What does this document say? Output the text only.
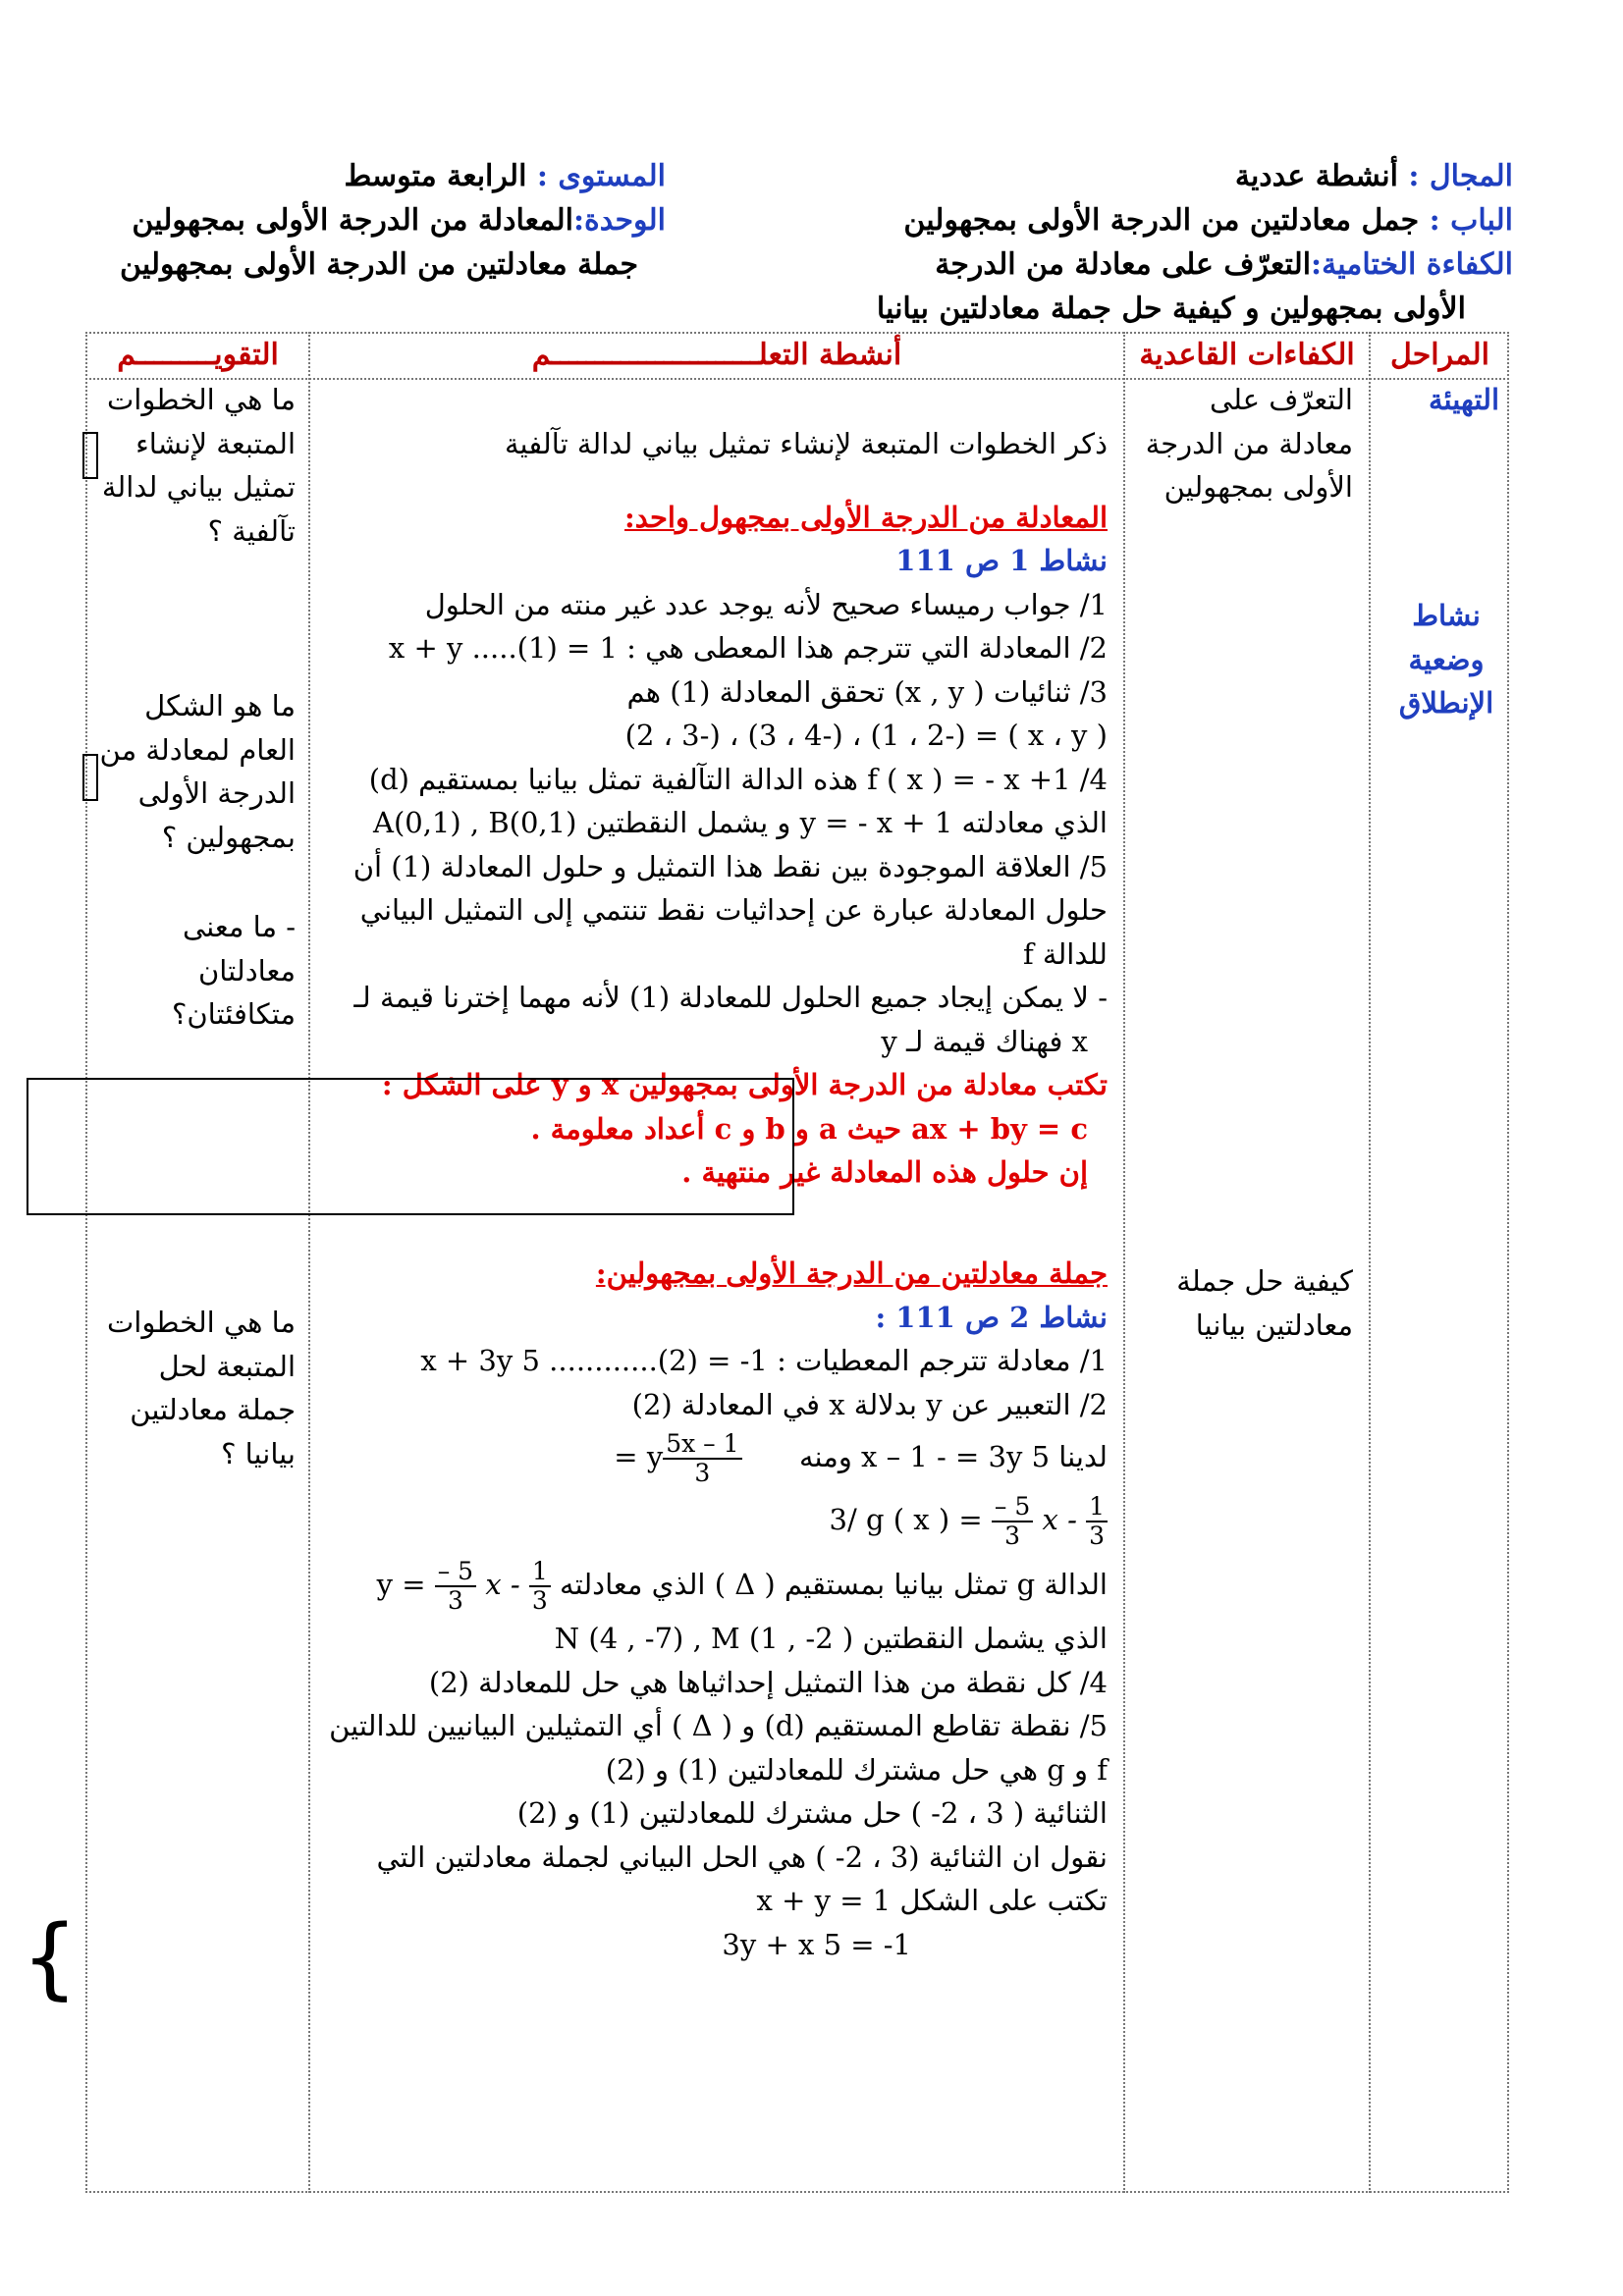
المجال : أنشطة عددية
الباب : جمل معادلتين من الدرجة الأولى بمجهولين
الكفاءة الختامية:التعرّف على معادلة من الدرجة
الأولى بمجهولين و كيفية حل جملة معادلتين بيانيا
المستوى : الرابعة متوسط
الوحدة:المعادلة من الدرجة الأولى بمجهولين
جملة معادلتين من الدرجة الأولى بمجهولين
المراحل
الكفاءات القاعدية
أنشطة التعلــــــــــــــــــــــــم
التقويـــــــــم
التهيئة
نشاط
وضعية
الإنطلاق
التعرّف على
معادلة من الدرجة
الأولى بمجهولين
كيفية حل جملة
معادلتين بيانيا
ما هي الخطوات
المتبعة لإنشاء
تمثيل بياني لدالة
تآلفية ؟
ما هو الشكل
العام لمعادلة من
الدرجة الأولى
بمجهولين ؟
- ما معنى
معادلتان
متكافئتان؟
ما هي الخطوات
المتبعة لحل
جملة معادلتين
بيانيا ؟
ذكر الخطوات المتبعة لإنشاء تمثيل بياني لدالة تآلفية
المعادلة من الدرجة الأولى بمجهول واحد:
نشاط 1 ص 111
1/ جواب رميساء صحيح لأنه يوجد عدد غير منته من الحلول
2/ المعادلة التي تترجم هذا المعطى هي : 1 = (1)..... x + y
3/ ثنائيات ( x , y) تحقق المعادلة (1) هم
( x ، y ) = (-1 ، 2) ، (-3 ، 4) ، (-2 ، 3)
4/ f ( x ) = - x +1 هذه الدالة التآلفية تمثل بيانيا بمستقيم (d)
الذي معادلته y = - x + 1 و يشمل النقطتين A(0,1) , B(0,1)
5/ العلاقة الموجودة بين نقط هذا التمثيل و حلول المعادلة (1) أن
حلول المعادلة عبارة عن إحداثيات نقط تنتمي إلى التمثيل البياني
للدالة f
- لا يمكن إيجاد جميع الحلول للمعادلة (1) لأنه مهما إخترنا قيمة لـ
x فهناك قيمة لـ y
تكتب معادلة من الدرجة الأولى بمجهولين x و y على الشكل :
ax + by = c حيث a و b و c أعداد معلومة .
إن حلول هذه المعادلة غير منتهية .
جملة معادلتين من الدرجة الأولى بمجهولين:
نشاط 2 ص 111 :
1/ معادلة تترجم المعطيات : 1- = (2)............ 5 x + 3y
2/ التعبير عن y بدلالة x في المعادلة (2)
لدينا 5 x – 1 - = 3y ومنه
$\frac{1 - 5x}{3}$
y =
3/ g ( x ) = $\frac{- 5}{3}$ x - $\frac{1}{3}$
الدالة g تمثل بيانيا بمستقيم ( Δ ) الذي معادلته $y = \frac{- 5}{3}$ x - $\frac{1}{3}$
الذي يشمل النقطتين ( 2- , 1) N (4 , -7) , M
4/ كل نقطة من هذا التمثيل إحداثياها هي حل للمعادلة (2)
5/ نقطة تقاطع المستقيم (d) و ( Δ ) أي التمثيلين البيانيين للدالتين
f و g هي حل مشترك للمعادلتين (1) و (2)
الثنائية ( 3 ، 2- ) حل مشترك للمعادلتين (1) و (2)
نقول ان الثنائية (3 ، 2- ) هي الحل البياني لجملة معادلتين التي
تكتب على الشكل x + y = 1
3y + x 5 = -1
{
